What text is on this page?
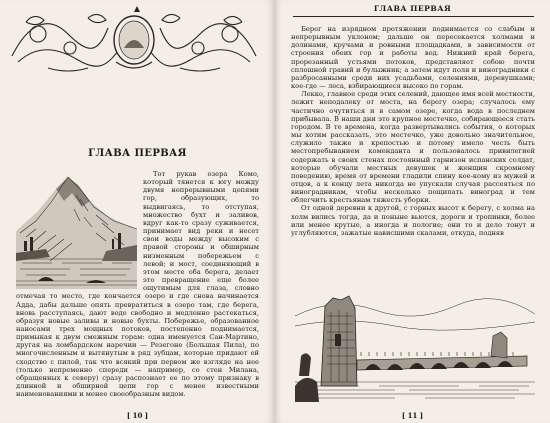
ГЛАВА ПЕРВАЯ

Тот рукав озера Комо, который тянется к югу между двумя непрерывными цепями гор, образующих, то выдвигаясь, то отступая, множество бухт и заливов, вдруг как-то сразу суживается, принимает вид реки и несет свои воды между высоким с правой стороны и обширным низменным побережьем с левой; и мост, соединяющий в этом месте оба берега, делает это превращение еще более ощутимым для глаза, словно отмечая то место, где кончается озеро и где снова начинается Адда, дабы дальше опять превратиться в озеро там, где берега, вновь расступаясь, дают воде свободно и медленно растекаться, образуя новые заливы и новые бухты. Побережье, образованное наносами трех мощных потоков, постепенно поднимается, примыкая к двум смежным горам: одна именуется Сан-Мартино, другая на ломбардском наречии — Резегоне (Большая Пила), по многочисленным и вытянутым в ряд зубцам, которые придают ей сходство с пилой, так что всякий при первом же взгляде на нее (только непременно спереди — например, со стен Милана, обращенных к северу) сразу распознает ее по этому признаку в длинной и обширной цепи гор с менее известными наименованиями и менее своеобразным видом.

[ 10 ]
ГЛАВА ПЕРВАЯ

Берег на изрядном протяжении поднимается со слабым и непрерывным уклоном; дальше он пересекается холмами и долинами, кручами и ровными площадками, в зависимости от строения обеих гор и работы вод. Нижний край берега, прорезанный устьями потоков, представляет собою почти сплошной гравий и булыжник; а затем идут поля и виноградники с разбросанными среди них усадьбами, селениями, деревушками; кое-где — леса, взбирающиеся высоко по горам.

Лекко, главное среди этих селений, дающее имя всей местности, лежит неподалеку от моста, на берегу озера; случалось ему частично очутиться и в самом озере, когда вода в последнем прибывала. В наши дни это крупное местечко, собирающееся стать городом. В те времена, когда развертывались события, о которых мы хотим рассказать, это местечко, уже довольно значительное, служило также и крепостью и потому имело честь быть местопребыванием коменданта и пользовалось привилегией содержать в своих стенах постоянный гарнизон испанских солдат, которые обучали местных девушек и женщин скромному поведению, время от времени гладили спину кое-кому из мужей и отцов, а к концу лета никогда не упускали случая рассеяться по виноградникам, чтобы несколько пощипать виноград и тем облегчить крестьянам тяжесть уборки.

От одной деревни к другой, с горных высот к берегу, с холма на холм вились тогда, да и поныне вьются, дороги и тропинки, более или менее крутые, а иногда и пологие; они то и дело тонут и углубляются, зажатые нависшими скалами, откуда, подняв

[ 11 ]
